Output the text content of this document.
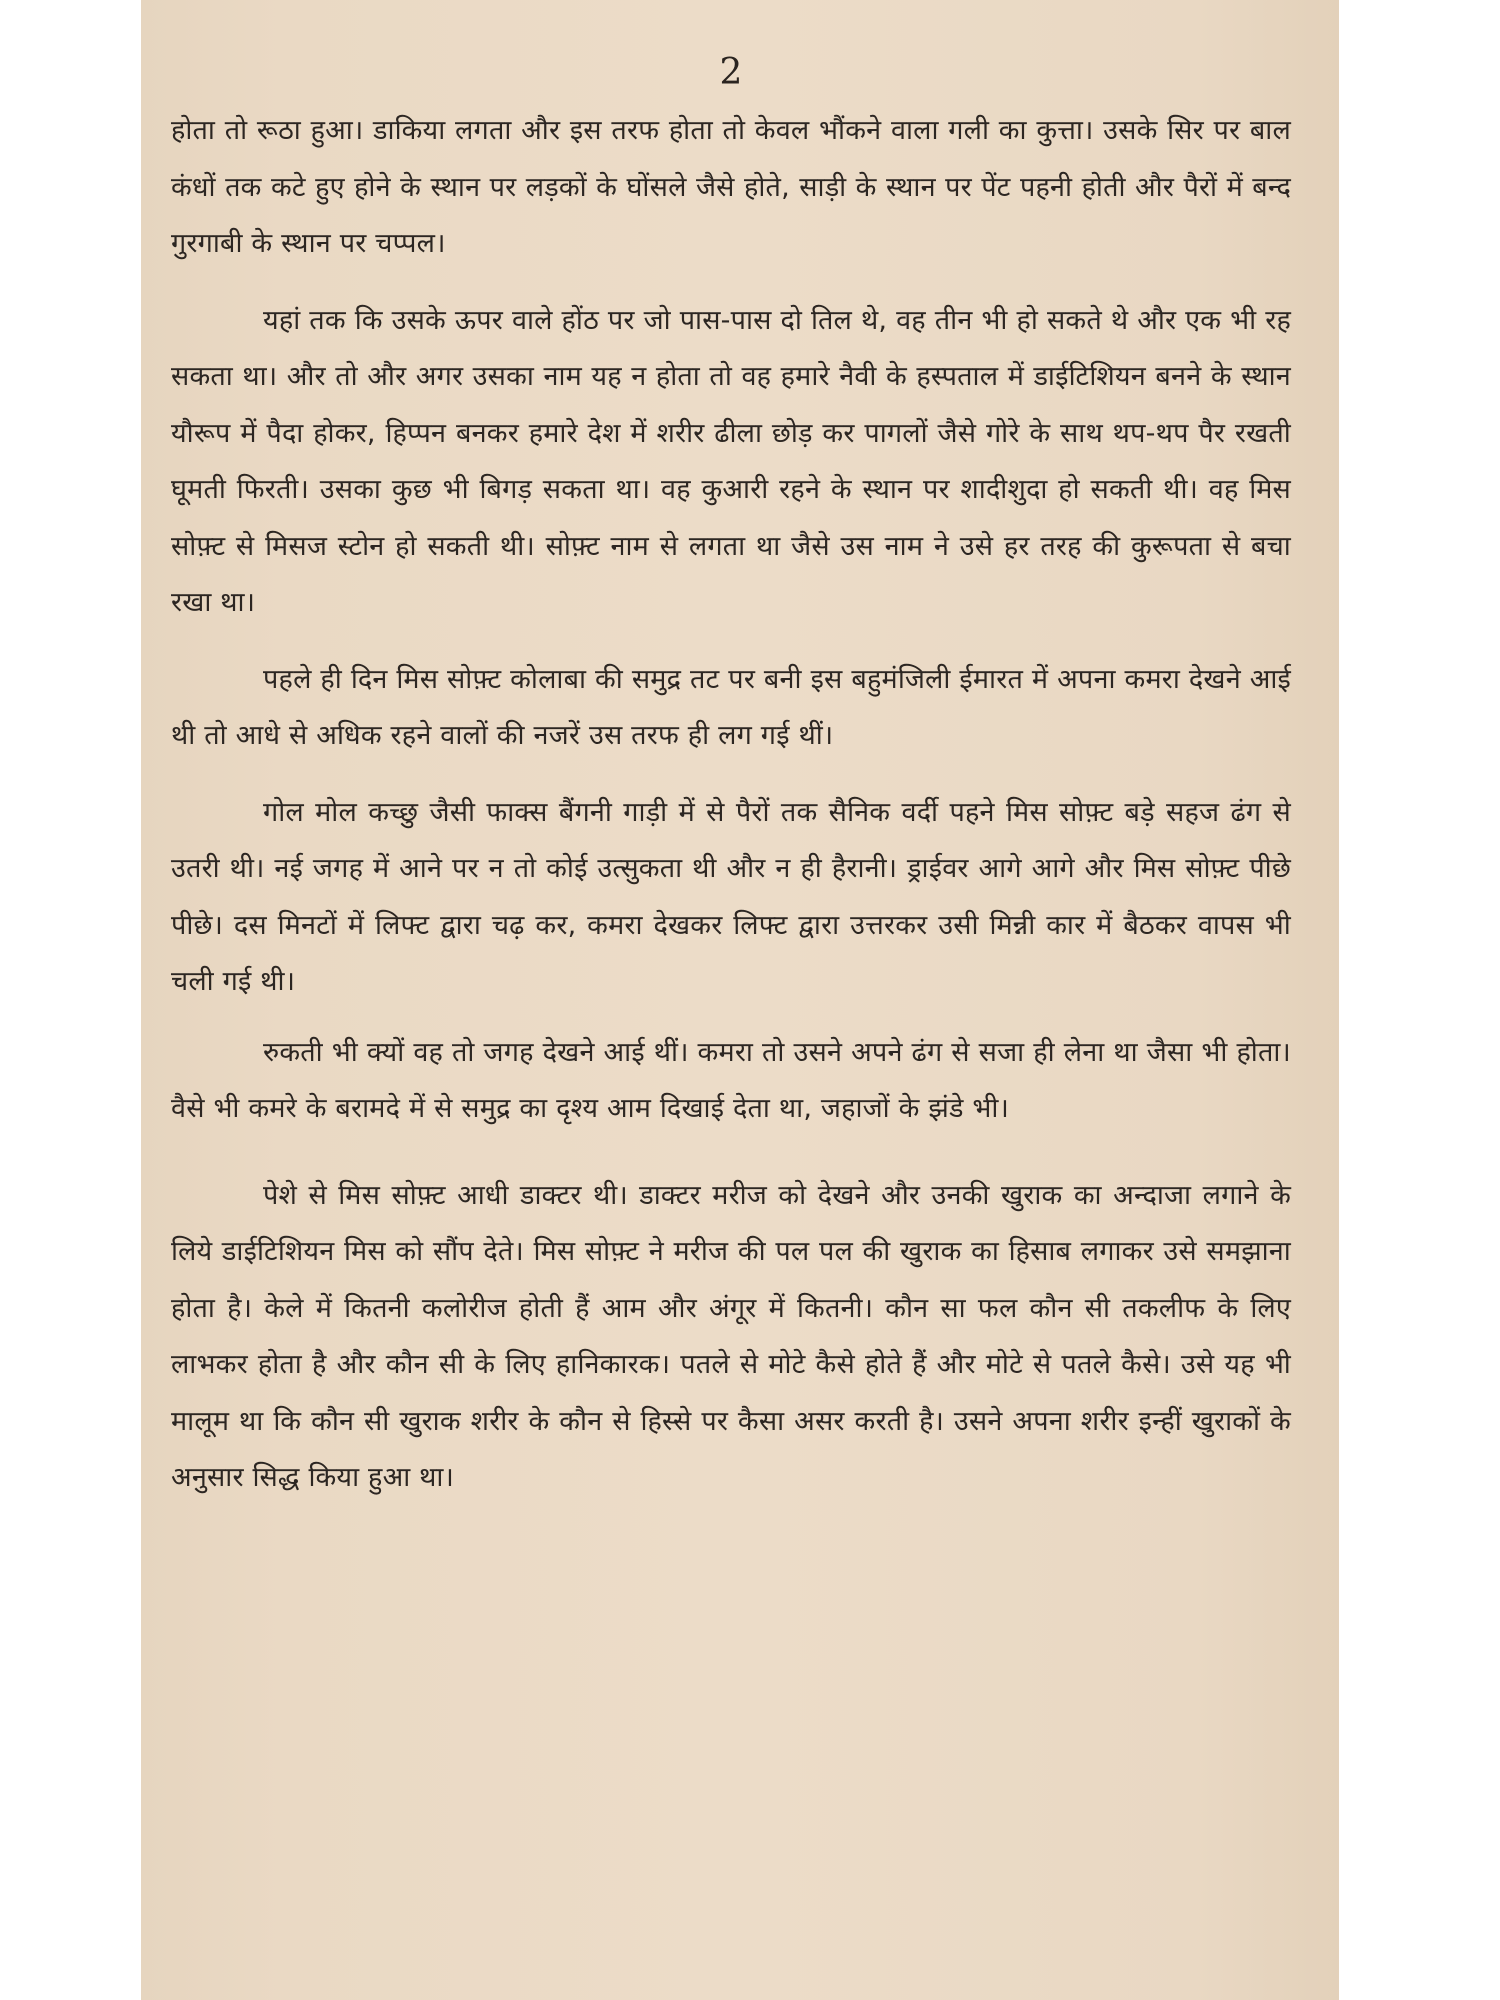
2

होता तो रूठा हुआ। डाकिया लगता और इस तरफ होता तो केवल भौंकने वाला गली का कुत्ता। उसके सिर पर बाल कंधों तक कटे हुए होने के स्थान पर लड़कों के घोंसले जैसे होते, साड़ी के स्थान पर पेंट पहनी होती और पैरों में बन्द गुरगाबी के स्थान पर चप्पल।

यहां तक कि उसके ऊपर वाले होंठ पर जो पास-पास दो तिल थे, वह तीन भी हो सकते थे और एक भी रह सकता था। और तो और अगर उसका नाम यह न होता तो वह हमारे नैवी के हस्पताल में डाईटिशियन बनने के स्थान यौरूप में पैदा होकर, हिप्पन बनकर हमारे देश में शरीर ढीला छोड़ कर पागलों जैसे गोरे के साथ थप-थप पैर रखती घूमती फिरती। उसका कुछ भी बिगड़ सकता था। वह कुआरी रहने के स्थान पर शादीशुदा हो सकती थी। वह मिस सोफ़्ट से मिसज स्टोन हो सकती थी। सोफ़्ट नाम से लगता था जैसे उस नाम ने उसे हर तरह की कुरूपता से बचा रखा था।

पहले ही दिन मिस सोफ़्ट कोलाबा की समुद्र तट पर बनी इस बहुमंजिली ईमारत में अपना कमरा देखने आई थी तो आधे से अधिक रहने वालों की नजरें उस तरफ ही लग गई थीं।

गोल मोल कच्छु जैसी फाक्स बैंगनी गाड़ी में से पैरों तक सैनिक वर्दी पहने मिस सोफ़्ट बड़े सहज ढंग से उतरी थी। नई जगह में आने पर न तो कोई उत्सुकता थी और न ही हैरानी। ड्राईवर आगे आगे और मिस सोफ़्ट पीछे पीछे। दस मिनटों में लिफ्ट द्वारा चढ़ कर, कमरा देखकर लिफ्ट द्वारा उत्तरकर उसी मिन्नी कार में बैठकर वापस भी चली गई थी।

रुकती भी क्यों वह तो जगह देखने आई थीं। कमरा तो उसने अपने ढंग से सजा ही लेना था जैसा भी होता। वैसे भी कमरे के बरामदे में से समुद्र का दृश्य आम दिखाई देता था, जहाजों के झंडे भी।

पेशे से मिस सोफ़्ट आधी डाक्टर थी। डाक्टर मरीज को देखने और उनकी खुराक का अन्दाजा लगाने के लिये डाईटिशियन मिस को सौंप देते। मिस सोफ़्ट ने मरीज की पल पल की खुराक का हिसाब लगाकर उसे समझाना होता है। केले में कितनी कलोरीज होती हैं आम और अंगूर में कितनी। कौन सा फल कौन सी तकलीफ के लिए लाभकर होता है और कौन सी के लिए हानिकारक। पतले से मोटे कैसे होते हैं और मोटे से पतले कैसे। उसे यह भी मालूम था कि कौन सी खुराक शरीर के कौन से हिस्से पर कैसा असर करती है। उसने अपना शरीर इन्हीं खुराकों के अनुसार सिद्ध किया हुआ था।
